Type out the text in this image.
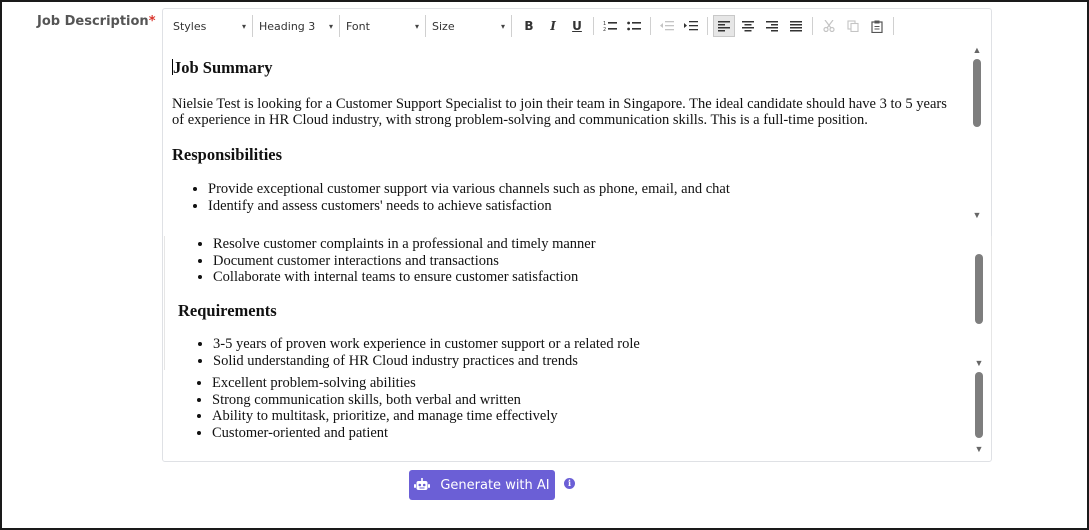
Job Description* Styles	▾ Heading 3 ▾ Font	▾ Size	▾	B	I	U	1
2
Job Summary

Nielsie Test is looking for a Customer Support Specialist to join their team in Singapore. The ideal candidate should have 3 to 5 years of experience in HR Cloud industry, with strong problem-solving and communication skills. This is a full-time position.

Responsibilities
• Provide exceptional customer support via various channels such as phone, email, and chat
• Identify and assess customers' needs to achieve satisfaction
•
▲
▼
• Resolve customer complaints in a professional and timely manner
• Document customer interactions and transactions
• Collaborate with internal teams to ensure customer satisfaction
Requirements
• 3-5 years of proven work experience in customer support or a related role
• Solid understanding of HR Cloud industry practices and trends	▼
• Excellent problem-solving abilities
• Strong communication skills, both verbal and written
• Ability to multitask, prioritize, and manage time effectively
• Customer-oriented and patient
▼
Generate with AI	i
